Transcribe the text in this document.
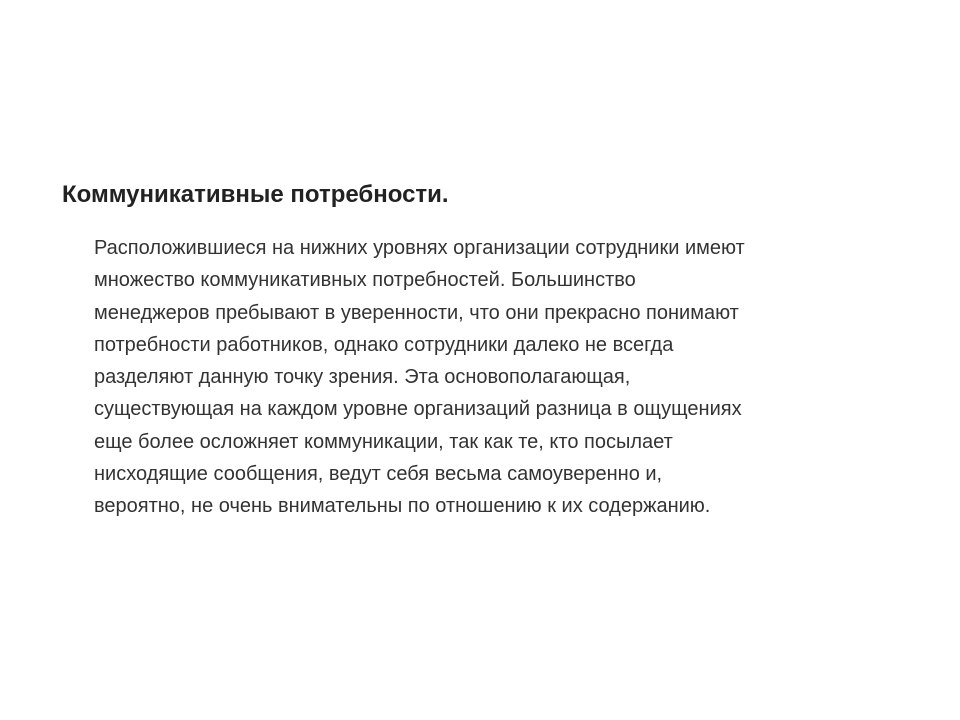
Коммуникативные потребности.

Расположившиеся на нижних уровнях организации сотрудники имеют
множество коммуникативных потребностей. Большинство
менеджеров пребывают в уверенности, что они прекрасно понимают
потребности работников, однако сотрудники далеко не всегда
разделяют данную точку зрения. Эта основополагающая,
существующая на каждом уровне организаций разница в ощущениях
еще более осложняет коммуникации, так как те, кто посылает
нисходящие сообщения, ведут себя весьма самоуверенно и,
вероятно, не очень внимательны по отношению к их содержанию.
